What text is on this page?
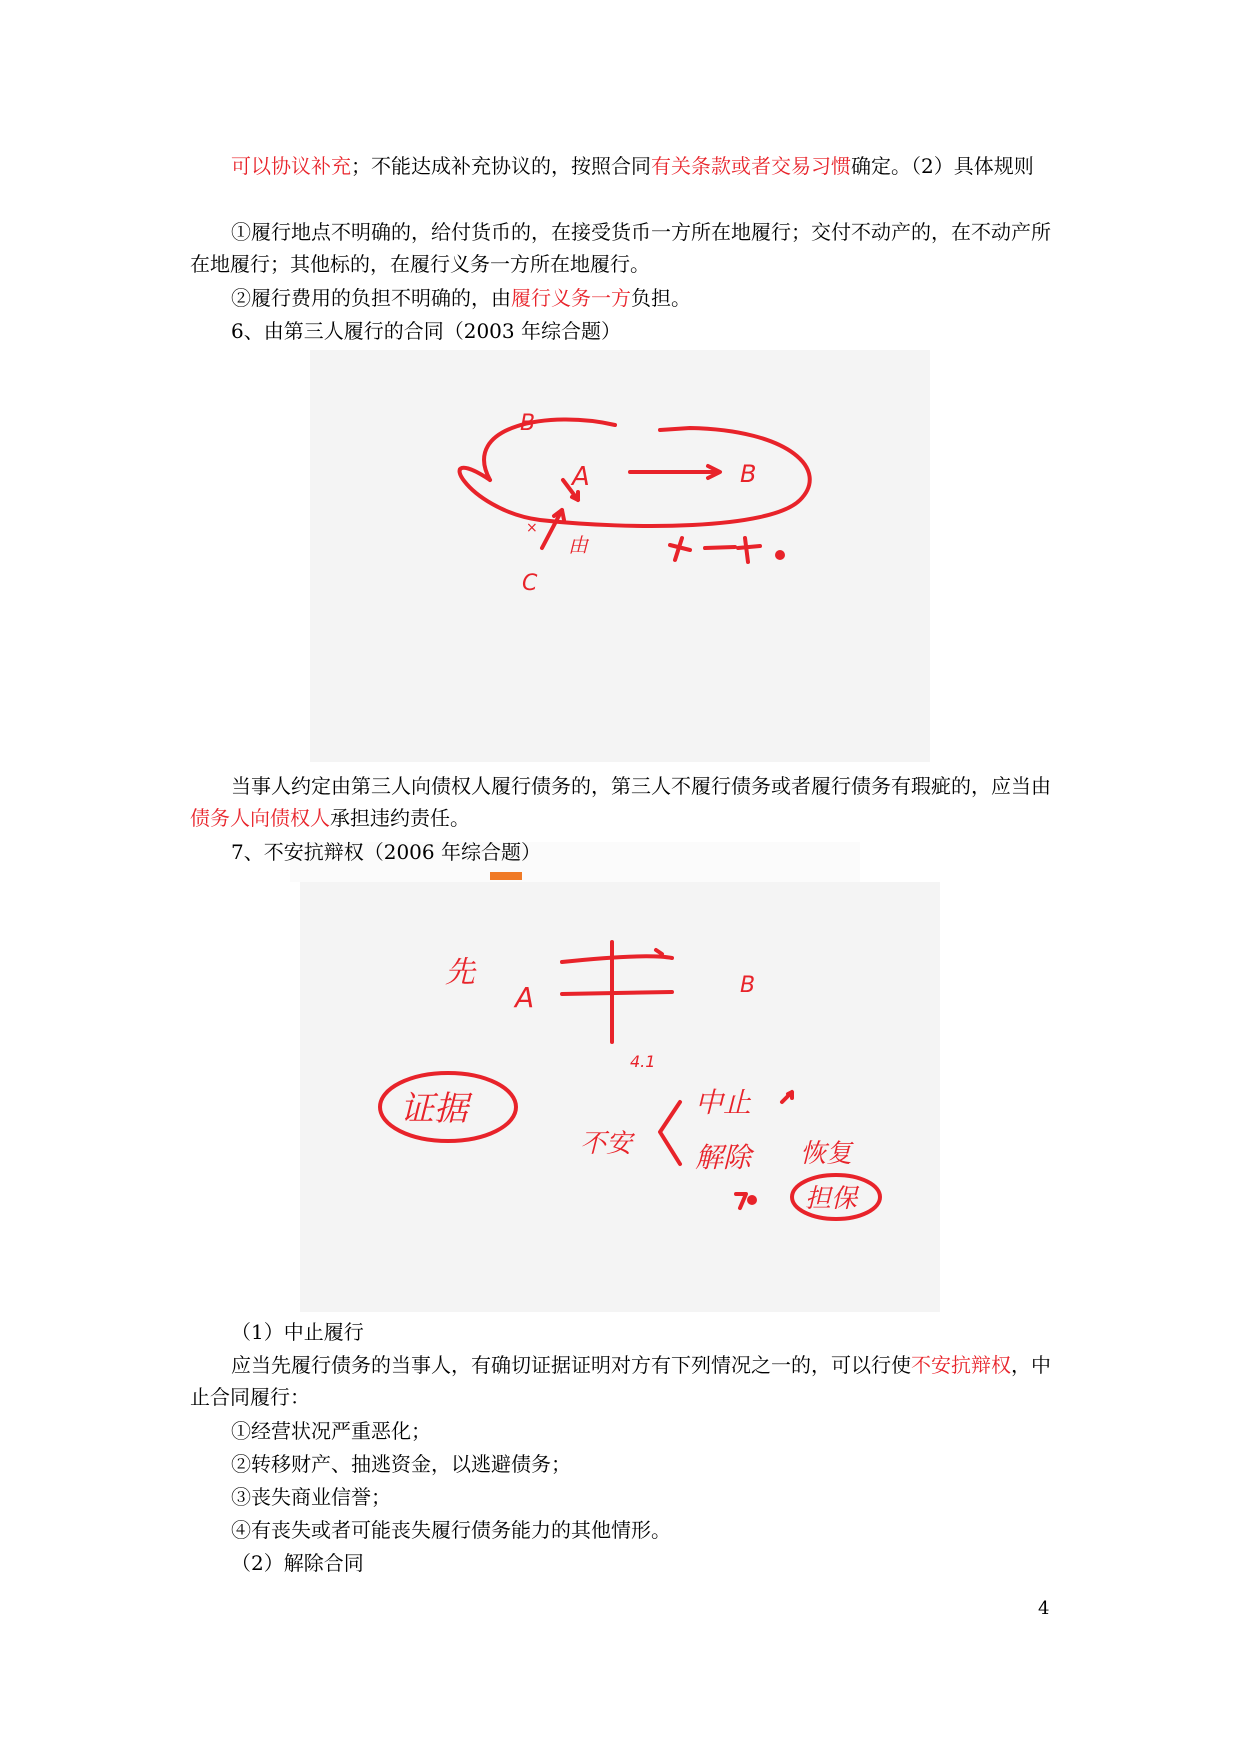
可以协议补充；不能达成补充协议的，按照合同有关条款或者交易习惯确定。（2）具体规则

①履行地点不明确的，给付货币的，在接受货币一方所在地履行；交付不动产的，在不动产所在地履行；其他标的，在履行义务一方所在地履行。

②履行费用的负担不明确的，由履行义务一方负担。

6、由第三人履行的合同（2003 年综合题）

B
A	B
C
×
由

当事人约定由第三人向债权人履行债务的，第三人不履行债务或者履行债务有瑕疵的，应当由债务人向债权人承担违约责任。

7、不安抗辩权（2006 年综合题）

先
A	B
4.1
证据
不安
中止
解除 恢复
担保

（1）中止履行

应当先履行债务的当事人，有确切证据证明对方有下列情况之一的，可以行使不安抗辩权，中止合同履行：

①经营状况严重恶化；

②转移财产、抽逃资金，以逃避债务；

③丧失商业信誉；

④有丧失或者可能丧失履行债务能力的其他情形。

（2）解除合同

4
